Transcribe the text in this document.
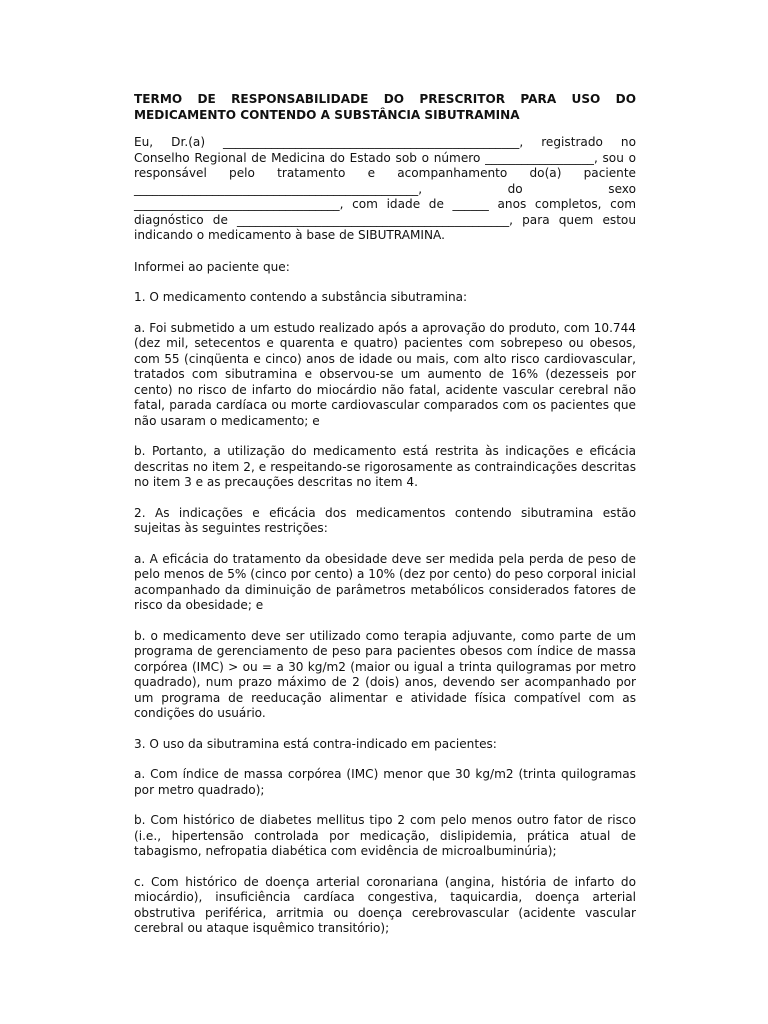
TERMO DE RESPONSABILIDADE DO PRESCRITOR PARA USO DO
MEDICAMENTO CONTENDO A SUBSTÂNCIA SIBUTRAMINA

Eu, Dr.(a) _________________________________________________, registrado no Conselho Regional de Medicina do Estado sob o número __________________, sou o responsável pelo tratamento e acompanhamento do(a) paciente _______________________________________________, do sexo __________________________________, com idade de ______ anos completos, com diagnóstico de _____________________________________________, para quem estou indicando o medicamento à base de SIBUTRAMINA.

Informei ao paciente que:

1. O medicamento contendo a substância sibutramina:

a. Foi submetido a um estudo realizado após a aprovação do produto, com 10.744 (dez mil, setecentos e quarenta e quatro) pacientes com sobrepeso ou obesos, com 55 (cinqüenta e cinco) anos de idade ou mais, com alto risco cardiovascular, tratados com sibutramina e observou-se um aumento de 16% (dezesseis por cento) no risco de infarto do miocárdio não fatal, acidente vascular cerebral não fatal, parada cardíaca ou morte cardiovascular comparados com os pacientes que não usaram o medicamento; e

b. Portanto, a utilização do medicamento está restrita às indicações e eficácia descritas no item 2, e respeitando-se rigorosamente as contraindicações descritas no item 3 e as precauções descritas no item 4.

2. As indicações e eficácia dos medicamentos contendo sibutramina estão sujeitas às seguintes restrições:

a. A eficácia do tratamento da obesidade deve ser medida pela perda de peso de pelo menos de 5% (cinco por cento) a 10% (dez por cento) do peso corporal inicial acompanhado da diminuição de parâmetros metabólicos considerados fatores de risco da obesidade; e

b. o medicamento deve ser utilizado como terapia adjuvante, como parte de um programa de gerenciamento de peso para pacientes obesos com índice de massa corpórea (IMC) > ou = a 30 kg/m2 (maior ou igual a trinta quilogramas por metro quadrado), num prazo máximo de 2 (dois) anos, devendo ser acompanhado por um programa de reeducação alimentar e atividade física compatível com as condições do usuário.

3. O uso da sibutramina está contra-indicado em pacientes:

a. Com índice de massa corpórea (IMC) menor que 30 kg/m2 (trinta quilogramas por metro quadrado);

b. Com histórico de diabetes mellitus tipo 2 com pelo menos outro fator de risco (i.e., hipertensão controlada por medicação, dislipidemia, prática atual de tabagismo, nefropatia diabética com evidência de microalbuminúria);

c. Com histórico de doença arterial coronariana (angina, história de infarto do miocárdio), insuficiência cardíaca congestiva, taquicardia, doença arterial obstrutiva periférica, arritmia ou doença cerebrovascular (acidente vascular cerebral ou ataque isquêmico transitório);
